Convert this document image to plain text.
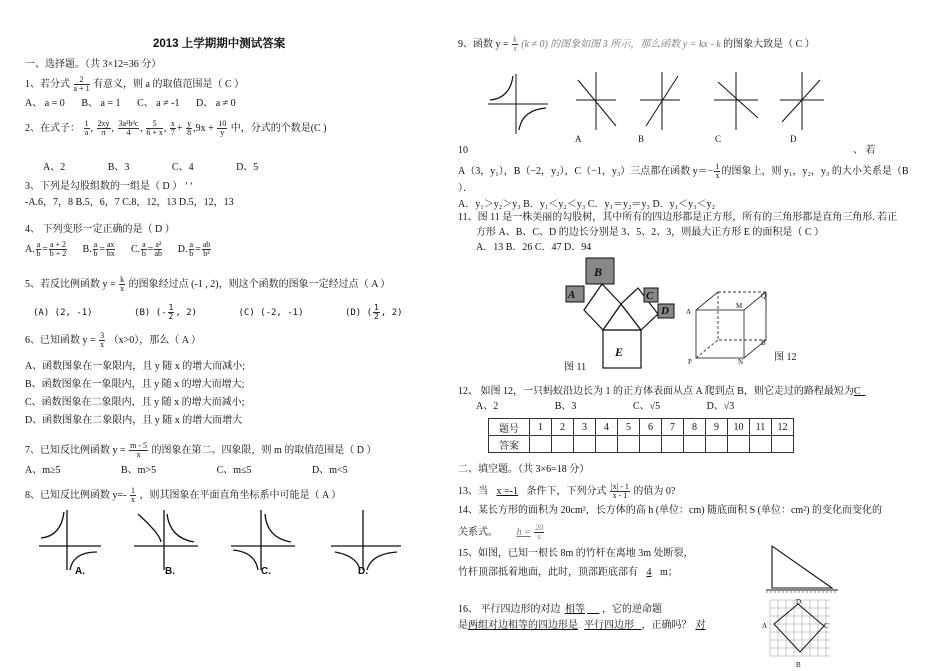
2013 上学期期中测试答案
一、选择题。（共 3×12=36 分）
1、若分式 $\frac{2}{a + 1}$ 有意义，则 a 的取值范围是（ C ）
A、 a = 0 B、 a = 1 C、 a ≠ -1 D、 a ≠ 0
2、在式子： $\frac{1}{a}$ , $\frac{2xy}{\pi}$ , $\frac{\text{3a²b³c}}{4}$ , $\frac{5}{6 + x}$ , $\frac{x}{7} + \frac{y}{8} ,9x + \frac{10}{y}$ 中，分式的个数是(C )
A、2	B、3	C、4	D、5
3、下列是勾股组数的一组是（ D ） ’ ‘
-A.6，7，8 B.5，6，7 C.8，12，13 D.5，12，13
4、 下列变形一定正确的是（ D ）
A. $\frac{a}{b} = \frac{a + 2}{b + 2} B$. $\frac{a}{b} = \frac{ax}{bx} C$. $\frac{a}{b} = \frac{\text{a²}}{ab} D$. $\frac{a}{b} = \frac{ab}{\text{b²}}$
5、若反比例函数 $y = \frac{k}{x}$ 的图象经过点 (-1 , 2)，则这个函数的图象一定经过点（ A ）
(A) (2, -1)	(B) (- $\frac{1}{2}$ , 2)	(C) (-2, -1)	(D) ( $\frac{1}{2}$ , 2)
6、已知函数 $y = \frac{3}{x} (x>0)$，那么（ A ）
A、函数图象在一象限内，且 y 随 x 的增大而减小;
B、函数图象在一象限内，且 y 随 x 的增大而增大;
C、函数图象在二象限内，且 y 随 x 的增大而减小;
D、函数图象在二象限内，且 y 随 x 的增大而增大
7、已知反比例函数 $y = \frac{m - 5}{x}$ 的图象在第二、四象限，则 m 的取值范围是（ D ）
A、m≥5	B、m>5	C、m≤5	D、m<5
8、已知反比例函数 $y=- \frac{1}{x}$ ，则其图象在平面直角坐标系中可能是（ A ）
A.	B.	C.	D.
9、函数 $y = \frac{k}{x} (k \ne 0)$ 的图象如图 3 所示，那么函数 y = kx - k 的图象大致是（ C ）
A	B	C	D
10	、 若
A（3，y₁），B（−2，y₂），C（−1，y₃）三点都在函数 $y=- \frac{1}{x}$ 的图象上，则 y₁，y₂，y₃ 的大小关系是（B
）．
A．y₁＞y₂＞y₃ B．y₁＜y₂＜y₃ C．y₁＝y₂＝y₃ D．y₁＜y₃＜y₂
11、图 11 是一株美丽的勾股树，其中所有的四边形都是正方形，所有的三角形都是直角三角形. 若正
方形 A、B、C、D 的边长分别是 3、5、2、3，则最大正方形 E 的面积是（ C ）
A．13 B．26 C．47 D．94
A
B
C
D
E
图 11
A
M
Q
B
P	N	图 12
12、 如图 12，一只蚂蚁沿边长为 1 的正方体表面从点 A 爬到点 B，则它走过的路程最短为C
A、2	B、3	C、√5	D、√3
题号	1	2	3	4	5	6	7	8	9	10	11	12
答案												
二、填空题。（共 3×6=18 分）
13、当 x =-1 条件下，下列分式 $\frac{|x| - 1}{x - 1}$ 的值为 0?
14、某长方形的面积为 20cm²，长方体的高 h (单位：cm) 随底面积 S (单位：cm²) 的变化而变化的
关系式。 $h = \frac{20}{s}$
15、如图，已知一根长 8m 的竹杆在离地 3m 处断裂，
竹杆顶部抵着地面，此时，顶部距底部有 4 m；
16、 平行四边形的对边 相等 ，它的逆命题
是两组对边相等的四边形是 平行四边形 ，正确吗？ 对	A
B
C
D
